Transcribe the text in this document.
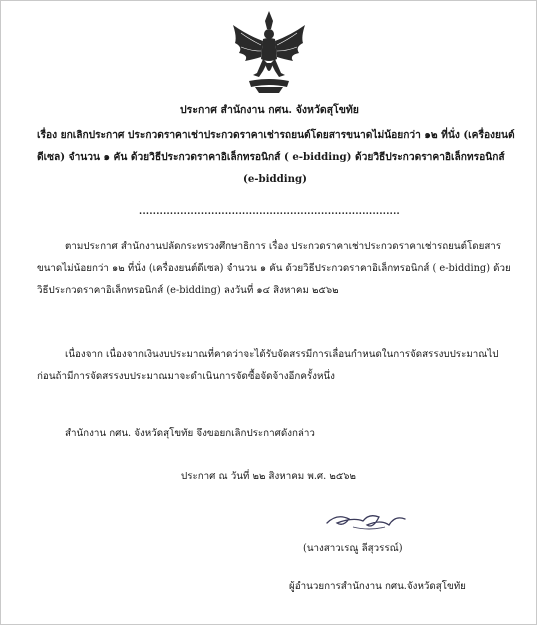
ประกาศ สำนักงาน กศน. จังหวัดสุโขทัย
เรื่อง ยกเลิกประกาศ ประกวดราคาเช่าประกวดราคาเช่ารถยนต์โดยสารขนาดไม่น้อยกว่า ๑๒ ที่นั่ง (เครื่องยนต์
ดีเซล) จำนวน ๑ คัน ด้วยวิธีประกวดราคาอิเล็กทรอนิกส์ ( e-bidding) ด้วยวิธีประกวดราคาอิเล็กทรอนิกส์
(e-bidding)
............................................................................
ตามประกาศ สำนักงานปลัดกระทรวงศึกษาธิการ เรื่อง ประกวดราคาเช่าประกวดราคาเช่ารถยนต์โดยสาร
ขนาดไม่น้อยกว่า ๑๒ ที่นั่ง (เครื่องยนต์ดีเซล) จำนวน ๑ คัน ด้วยวิธีประกวดราคาอิเล็กทรอนิกส์ ( e-bidding) ด้วย
วิธีประกวดราคาอิเล็กทรอนิกส์ (e-bidding) ลงวันที่ ๑๔ สิงหาคม ๒๕๖๒
เนื่องจาก เนื่องจากเงินงบประมาณที่คาดว่าจะได้รับจัดสรรมีการเลื่อนกำหนดในการจัดสรรงบประมาณไป
ก่อนถ้ามีการจัดสรรงบประมาณมาจะดำเนินการจัดซื้อจัดจ้างอีกครั้งหนึ่ง
สำนักงาน กศน. จังหวัดสุโขทัย จึงขอยกเลิกประกาศดังกล่าว
ประกาศ ณ วันที่ ๒๒ สิงหาคม พ.ศ. ๒๕๖๒
(นางสาวเรณู ลีสุวรรณ์)
ผู้อำนวยการสำนักงาน กศน.จังหวัดสุโขทัย
